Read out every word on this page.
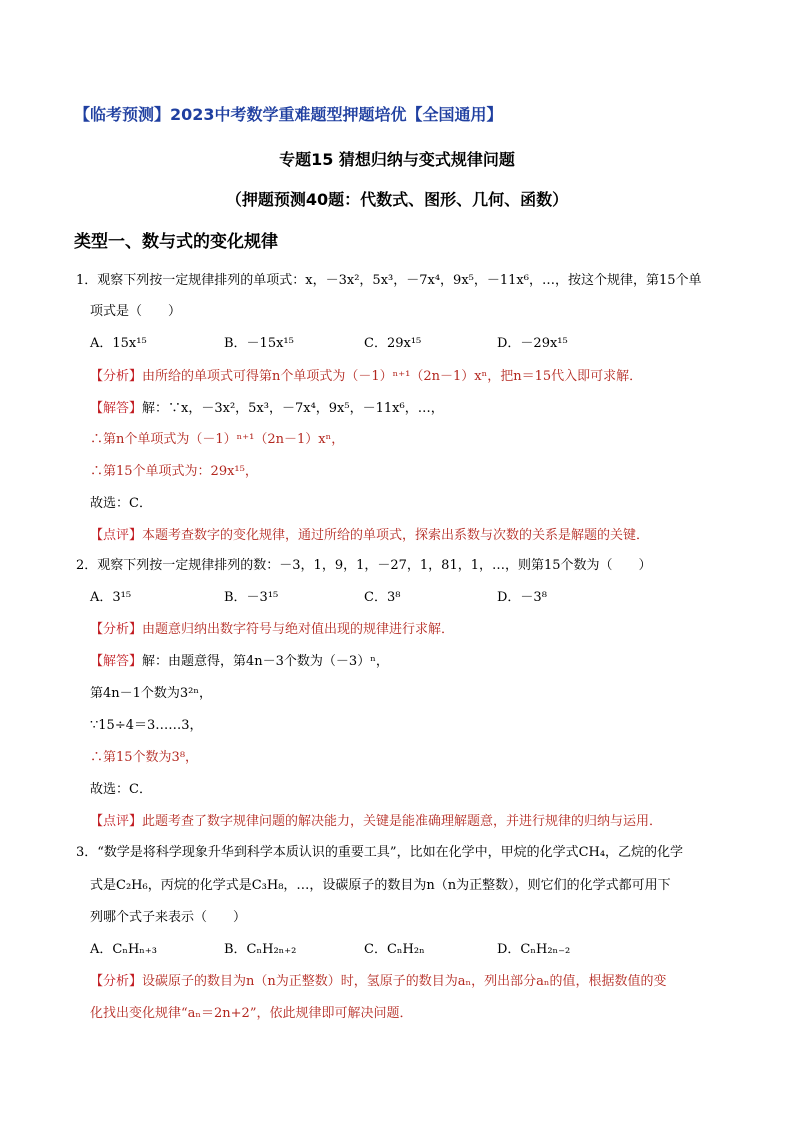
【临考预测】2023中考数学重难题型押题培优【全国通用】
专题15 猜想归纳与变式规律问题
（押题预测40题：代数式、图形、几何、函数）
类型一、数与式的变化规律
1．观察下列按一定规律排列的单项式：x，－3x²，5x³，－7x⁴，9x⁵，－11x⁶，…，按这个规律，第15个单
项式是（　　）
A．15x¹⁵	B．－15x¹⁵	C．29x¹⁵	D．－29x¹⁵
【分析】由所给的单项式可得第n个单项式为（－1）ⁿ⁺¹（2n－1）xⁿ，把n＝15代入即可求解．
【解答】解：∵x，－3x²，5x³，－7x⁴，9x⁵，－11x⁶，…，
∴第n个单项式为（－1）ⁿ⁺¹（2n－1）xⁿ，
∴第15个单项式为：29x¹⁵，
故选：C．
【点评】本题考查数字的变化规律，通过所给的单项式，探索出系数与次数的关系是解题的关键．
2．观察下列按一定规律排列的数：－3，1，9，1，－27，1，81，1，…，则第15个数为（　　）
A．3¹⁵	B．－3¹⁵	C．3⁸	D．－3⁸
【分析】由题意归纳出数字符号与绝对值出现的规律进行求解．
【解答】解：由题意得，第4n－3个数为（－3）ⁿ，
第4n－1个数为3²ⁿ，
∵15÷4＝3……3，
∴第15个数为3⁸，
故选：C．
【点评】此题考查了数字规律问题的解决能力，关键是能准确理解题意，并进行规律的归纳与运用．
3．“数学是将科学现象升华到科学本质认识的重要工具”，比如在化学中，甲烷的化学式CH₄，乙烷的化学
式是C₂H₆，丙烷的化学式是C₃H₈，…，设碳原子的数目为n（n为正整数），则它们的化学式都可用下
列哪个式子来表示（　　）
A．CₙHₙ₊₃	B．CₙH₂ₙ₊₂	C．CₙH₂ₙ	D．CₙH₂ₙ₋₂
【分析】设碳原子的数目为n（n为正整数）时，氢原子的数目为aₙ，列出部分aₙ的值，根据数值的变
化找出变化规律“aₙ＝2n+2”，依此规律即可解决问题．
